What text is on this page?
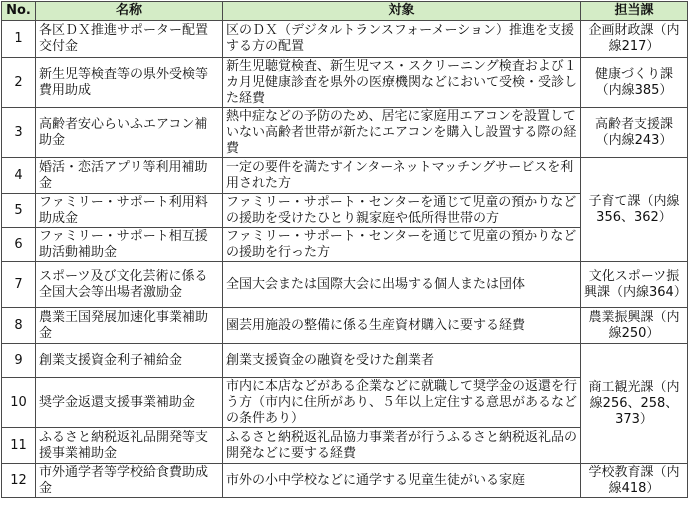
No.	名称	対象	担当課
1	各区ＤＸ推進サポーター配置交付金	区のＤＸ（デジタルトランスフォーメーション）推進を支援する方の配置	企画財政課（内線217）
2	新生児等検査等の県外受検等費用助成	新生児聴覚検査、新生児マス・スクリーニング検査および１カ月児健康診査を県外の医療機関などにおいて受検・受診した経費	健康づくり課（内線385）
3	高齢者安心らいふエアコン補助金	熱中症などの予防のため、居宅に家庭用エアコンを設置していない高齢者世帯が新たにエアコンを購入し設置する際の経費	高齢者支援課（内線243）
4	婚活・恋活アプリ等利用補助金	一定の要件を満たすインターネットマッチングサービスを利用された方	子育て課（内線356、362）
5	ファミリー・サポート利用料助成金	ファミリー・サポート・センターを通じて児童の預かりなどの援助を受けたひとり親家庭や低所得世帯の方	
6	ファミリー・サポート相互援助活動補助金	ファミリー・サポート・センターを通じて児童の預かりなどの援助を行った方	
7	スポーツ及び文化芸術に係る全国大会等出場者激励金	全国大会または国際大会に出場する個人または団体	文化スポーツ振興課（内線364）
8	農業王国発展加速化事業補助金	園芸用施設の整備に係る生産資材購入に要する経費	農業振興課（内線250）
9	創業支援資金利子補給金	創業支援資金の融資を受けた創業者	商工観光課（内線256、258、373）
10	奨学金返還支援事業補助金	市内に本店などがある企業などに就職して奨学金の返還を行う方（市内に住所があり、５年以上定住する意思があるなどの条件あり）	
11	ふるさと納税返礼品開発等支援事業補助金	ふるさと納税返礼品協力事業者が行うふるさと納税返礼品の開発などに要する経費	
12	市外通学者等学校給食費助成金	市外の小中学校などに通学する児童生徒がいる家庭	学校教育課（内線418）
